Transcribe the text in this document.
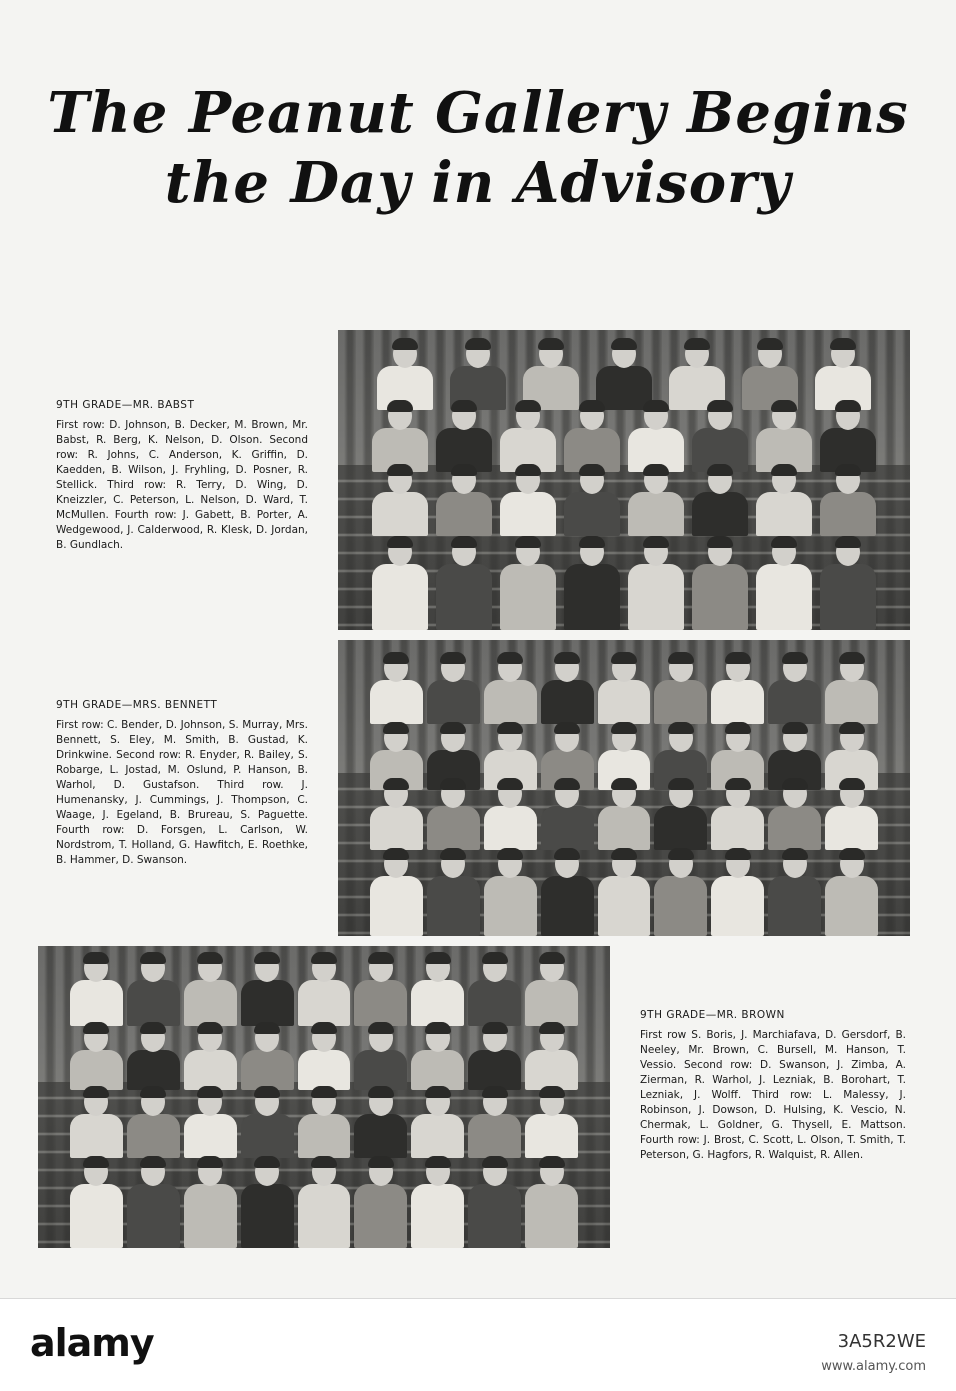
The Peanut Gallery Begins the Day in Advisory
9TH GRADE—MR. BABST
First row: D. Johnson, B. Decker, M. Brown, Mr. Babst, R. Berg, K. Nelson, D. Olson. Second row: R. Johns, C. Anderson, K. Griffin, D. Kaedden, B. Wilson, J. Fryhling, D. Posner, R. Stellick. Third row: R. Terry, D. Wing, D. Kneizzler, C. Peterson, L. Nelson, D. Ward, T. McMullen. Fourth row: J. Gabett, B. Porter, A. Wedgewood, J. Calderwood, R. Klesk, D. Jordan, B. Gundlach.
9TH GRADE—MRS. BENNETT
First row: C. Bender, D. Johnson, S. Murray, Mrs. Bennett, S. Eley, M. Smith, B. Gustad, K. Drinkwine. Second row: R. Enyder, R. Bailey, S. Robarge, L. Jostad, M. Oslund, P. Hanson, B. Warhol, D. Gustafson. Third row. J. Humenansky, J. Cummings, J. Thompson, C. Waage, J. Egeland, B. Brureau, S. Paguette. Fourth row: D. Forsgen, L. Carlson, W. Nordstrom, T. Holland, G. Hawfitch, E. Roethke, B. Hammer, D. Swanson.
9TH GRADE—MR. BROWN
First row S. Boris, J. Marchiafava, D. Gersdorf, B. Neeley, Mr. Brown, C. Bursell, M. Hanson, T. Vessio. Second row: D. Swanson, J. Zimba, A. Zierman, R. Warhol, J. Lezniak, B. Borohart, T. Lezniak, J. Wolff. Third row: L. Malessy, J. Robinson, J. Dowson, D. Hulsing, K. Vescio, N. Chermak, L. Goldner, G. Thysell, E. Mattson. Fourth row: J. Brost, C. Scott, L. Olson, T. Smith, T. Peterson, G. Hagfors, R. Walquist, R. Allen.
alamy	3A5R2WE
www.alamy.com
